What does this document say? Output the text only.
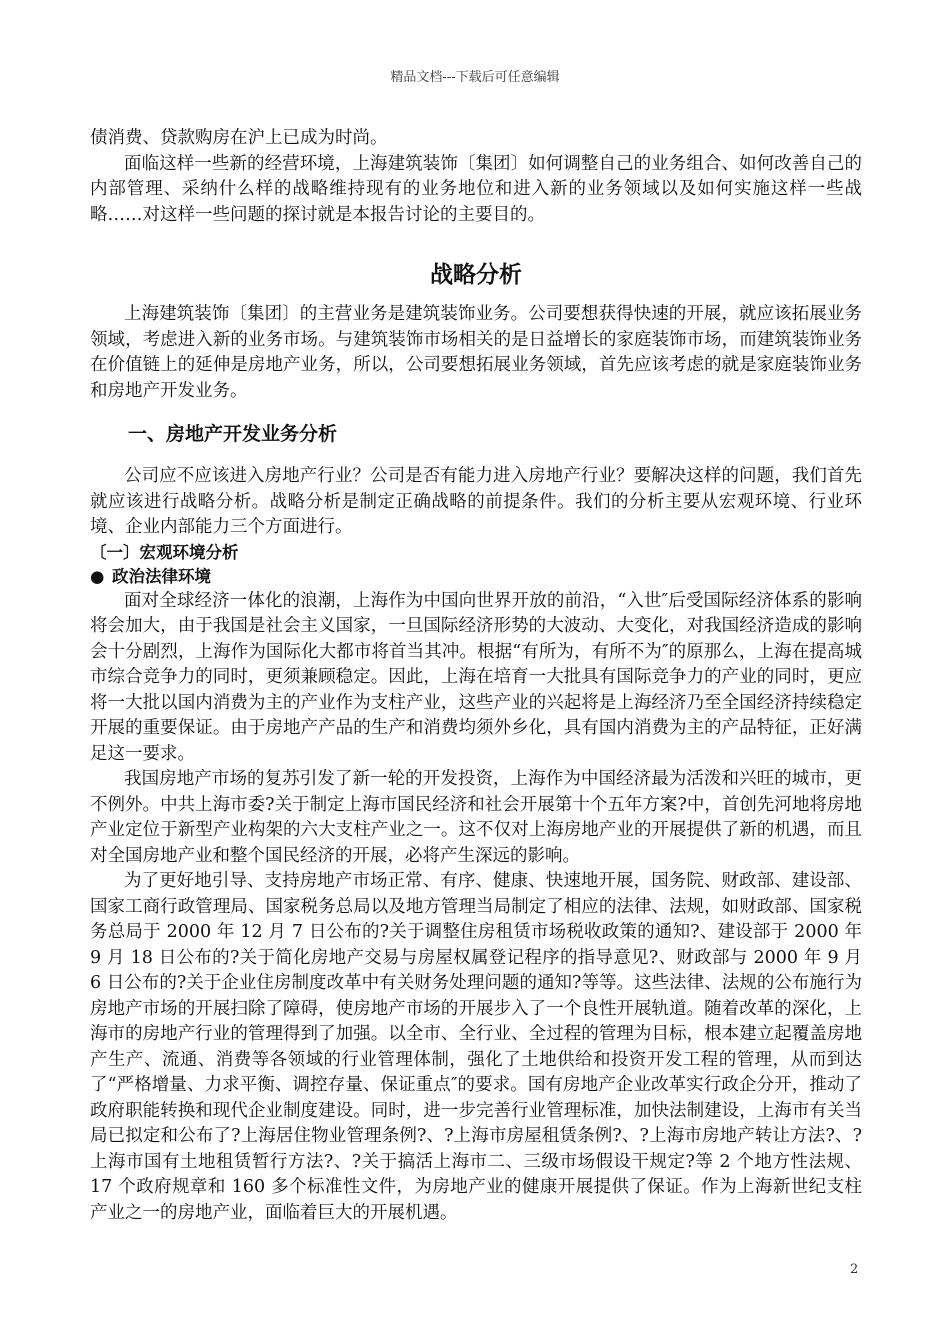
精品文档---下载后可任意编辑

债消费、贷款购房在沪上已成为时尚。

面临这样一些新的经营环境，上海建筑装饰〔集团〕如何调整自己的业务组合、如何改善自己的内部管理、采纳什么样的战略维持现有的业务地位和进入新的业务领域以及如何实施这样一些战略……对这样一些问题的探讨就是本报告讨论的主要目的。

战略分析

上海建筑装饰〔集团〕的主营业务是建筑装饰业务。公司要想获得快速的开展，就应该拓展业务领域，考虑进入新的业务市场。与建筑装饰市场相关的是日益增长的家庭装饰市场，而建筑装饰业务在价值链上的延伸是房地产业务，所以，公司要想拓展业务领域，首先应该考虑的就是家庭装饰业务和房地产开发业务。

一、房地产开发业务分析

公司应不应该进入房地产行业？公司是否有能力进入房地产行业？要解决这样的问题，我们首先就应该进行战略分析。战略分析是制定正确战略的前提条件。我们的分析主要从宏观环境、行业环境、企业内部能力三个方面进行。

〔一〕宏观环境分析
● 政治法律环境

面对全球经济一体化的浪潮，上海作为中国向世界开放的前沿，“入世″后受国际经济体系的影响将会加大，由于我国是社会主义国家，一旦国际经济形势的大波动、大变化，对我国经济造成的影响会十分剧烈，上海作为国际化大都市将首当其冲。根据“有所为，有所不为″的原那么，上海在提高城市综合竞争力的同时，更须兼顾稳定。因此，上海在培育一大批具有国际竞争力的产业的同时，更应将一大批以国内消费为主的产业作为支柱产业，这些产业的兴起将是上海经济乃至全国经济持续稳定开展的重要保证。由于房地产产品的生产和消费均须外乡化，具有国内消费为主的产品特征，正好满足这一要求。

我国房地产市场的复苏引发了新一轮的开发投资，上海作为中国经济最为活泼和兴旺的城市，更不例外。中共上海市委?关于制定上海市国民经济和社会开展第十个五年方案?中，首创先河地将房地产业定位于新型产业构架的六大支柱产业之一。这不仅对上海房地产业的开展提供了新的机遇，而且对全国房地产业和整个国民经济的开展，必将产生深远的影响。

为了更好地引导、支持房地产市场正常、有序、健康、快速地开展，国务院、财政部、建设部、国家工商行政管理局、国家税务总局以及地方管理当局制定了相应的法律、法规，如财政部、国家税务总局于 2000 年 12 月 7 日公布的?关于调整住房租赁市场税收政策的通知?、建设部于 2000 年 9 月 18 日公布的?关于简化房地产交易与房屋权属登记程序的指导意见?、财政部与 2000 年 9 月 6 日公布的?关于企业住房制度改革中有关财务处理问题的通知?等等。这些法律、法规的公布施行为房地产市场的开展扫除了障碍，使房地产市场的开展步入了一个良性开展轨道。随着改革的深化，上海市的房地产行业的管理得到了加强。以全市、全行业、全过程的管理为目标，根本建立起覆盖房地产生产、流通、消费等各领域的行业管理体制，强化了土地供给和投资开发工程的管理，从而到达了“严格增量、力求平衡、调控存量、保证重点″的要求。国有房地产企业改革实行政企分开，推动了政府职能转换和现代企业制度建设。同时，进一步完善行业管理标准，加快法制建设，上海市有关当局已拟定和公布了?上海居住物业管理条例?、?上海市房屋租赁条例?、?上海市房地产转让方法?、?上海市国有土地租赁暂行方法?、?关于搞活上海市二、三级市场假设干规定?等 2 个地方性法规、17 个政府规章和 160 多个标准性文件，为房地产业的健康开展提供了保证。作为上海新世纪支柱产业之一的房地产业，面临着巨大的开展机遇。

2
